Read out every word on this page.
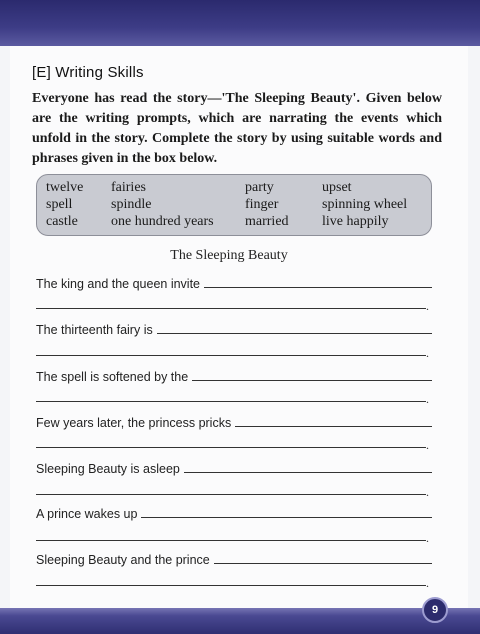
[E] Writing Skills
Everyone has read the story—'The Sleeping Beauty'. Given below are the writing prompts, which are narrating the events which unfold in the story. Complete the story by using suitable words and phrases given in the box below.
twelve	fairies	party	upset
spell	spindle	finger	spinning wheel
castle	one hundred years	married	live happily
The Sleeping Beauty
The king and the queen invite
.
The thirteenth fairy is
.
The spell is softened by the
.
Few years later, the princess pricks
.
Sleeping Beauty is asleep
.
A prince wakes up
.
Sleeping Beauty and the prince
.
9
